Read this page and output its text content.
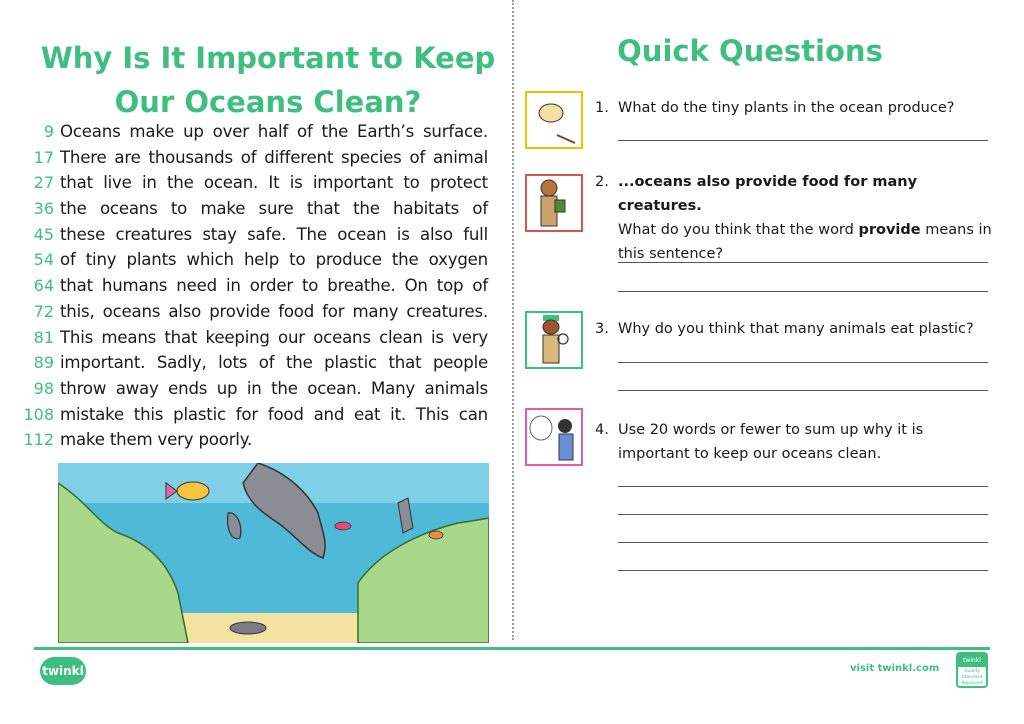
Why Is It Important to Keep
Our Oceans Clean?
9 Oceans make up over half of the Earth’s surface.
17 There are thousands of different species of animal
27 that live in the ocean. It is important to protect
36 the oceans to make sure that the habitats of
45 these creatures stay safe. The ocean is also full
54 of tiny plants which help to produce the oxygen
64 that humans need in order to breathe. On top of
72 this, oceans also provide food for many creatures.
81 This means that keeping our oceans clean is very
89 important. Sadly, lots of the plastic that people
98 throw away ends up in the ocean. Many animals
108 mistake this plastic for food and eat it. This can
112 make them very poorly.
Quick Questions
1. What do the tiny plants in the ocean produce?
2. ...oceans also provide food for many creatures.
What do you think that the word provide means in this sentence?
3. Why do you think that many animals eat plastic?
4. Use 20 words or fewer to sum up why it is important to keep our oceans clean.
twinkl	visit twinkl.com
twinkl
Quality Standard Approved
